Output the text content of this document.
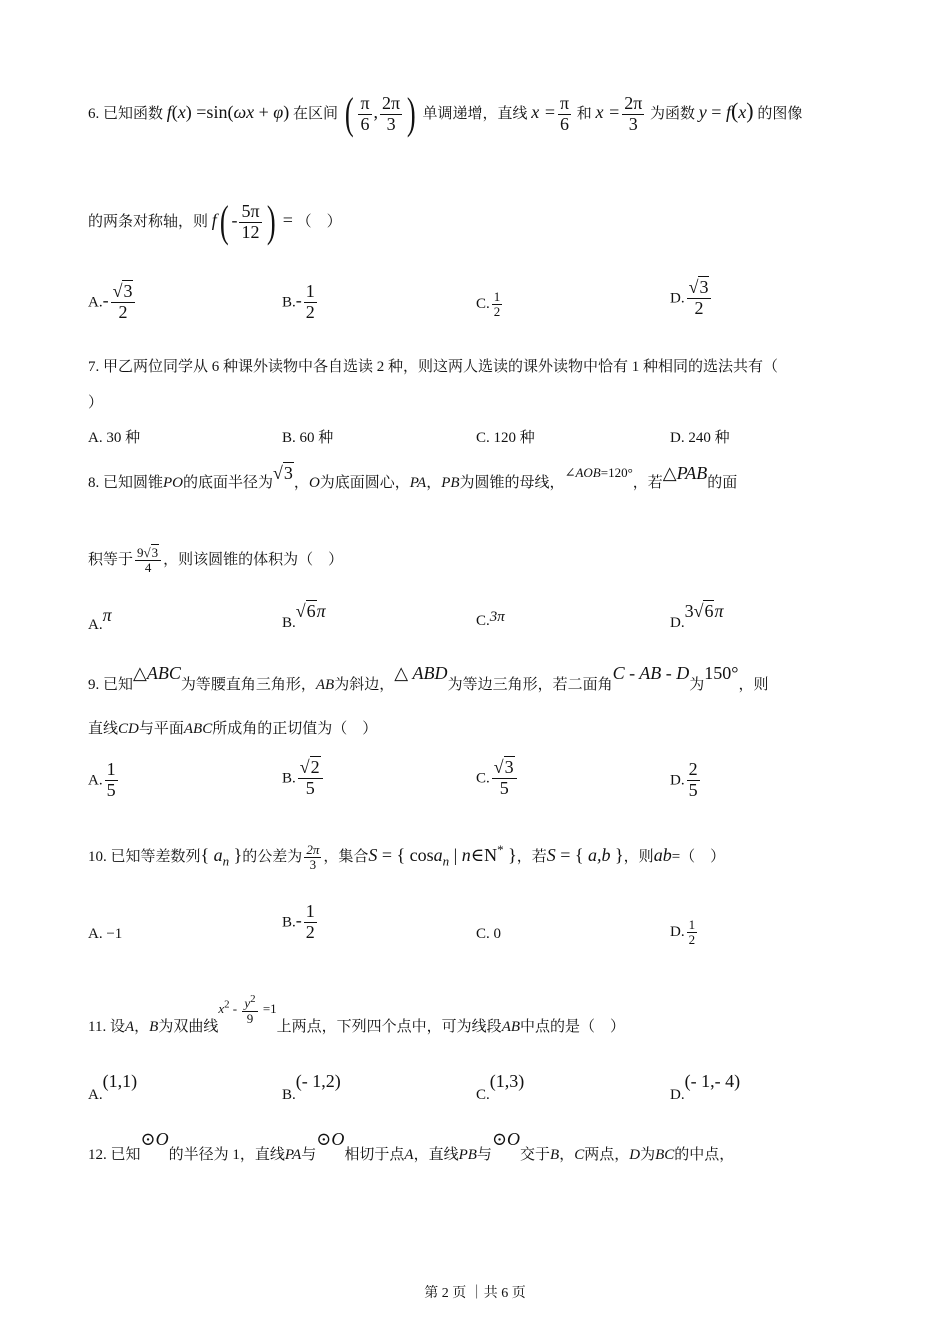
6. 已知函数 f(x) =sin(ωx + φ) 在区间 ( $\frac{\pi}{6}$ , $\frac{2\pi}{3}$ ) 单调递增，直线 $x = \frac{\pi}{6}$ 和 $x = \frac{2\pi}{3}$ 为函数 y = f(x) 的图像
的两条对称轴，则 $f( - \frac{5\pi}{12}$ ) = （　）
$A.- \frac{√3}{2}$	$B.- \frac{1}{2}$	C. $\frac{1}{2}$	D. $\frac{√3}{2}$
7. 甲乙两位同学从 6 种课外读物中各自选读 2 种，则这两人选读的课外读物中恰有 1 种相同的选法共有（
）
A. 30 种	B. 60 种	C. 120 种	D. 240 种
8. 已知圆锥PO的底面半径为√3，O为底面圆心，PA，PB为圆锥的母线，∠AOB=120°，若△PAB的面
积等于 $\frac{9√3}{4}$ ，则该圆锥的体积为（　）
A.π	B.√6π	C.3π	D.3√6π
9. 已知△ABC为等腰直角三角形，AB为斜边，△ ABD为等边三角形，若二面角C - AB - D为150°，则
直线CD与平面ABC所成角的正切值为（　）
A. $\frac{1}{5}$	B. $\frac{√2}{5}$	C. $\frac{√3}{5}$	D. $\frac{2}{5}$
10. 已知等差数列{ $a_n$ }的公差为 $\frac{2\pi}{3}$ ，集合S = { cosa$_n$ | n∈N* }，若S = { a,b }，则ab=（　）
A. −1
$B.- \frac{1}{2}$	C. 0	D. $\frac{1}{2}$
11. 设A，B为双曲线$x^2 - \frac{y^2}{9} =1$上两点，下列四个点中，可为线段AB中点的是（　）
A.(1,1)
B.(- 1,2)
C.(1,3)
D.(- 1,- 4)
12. 已知⊙O的半径为 1，直线PA与⊙O相切于点A，直线PB与⊙O交于B，C两点，D为BC的中点，
第 2 页 ｜共 6 页
